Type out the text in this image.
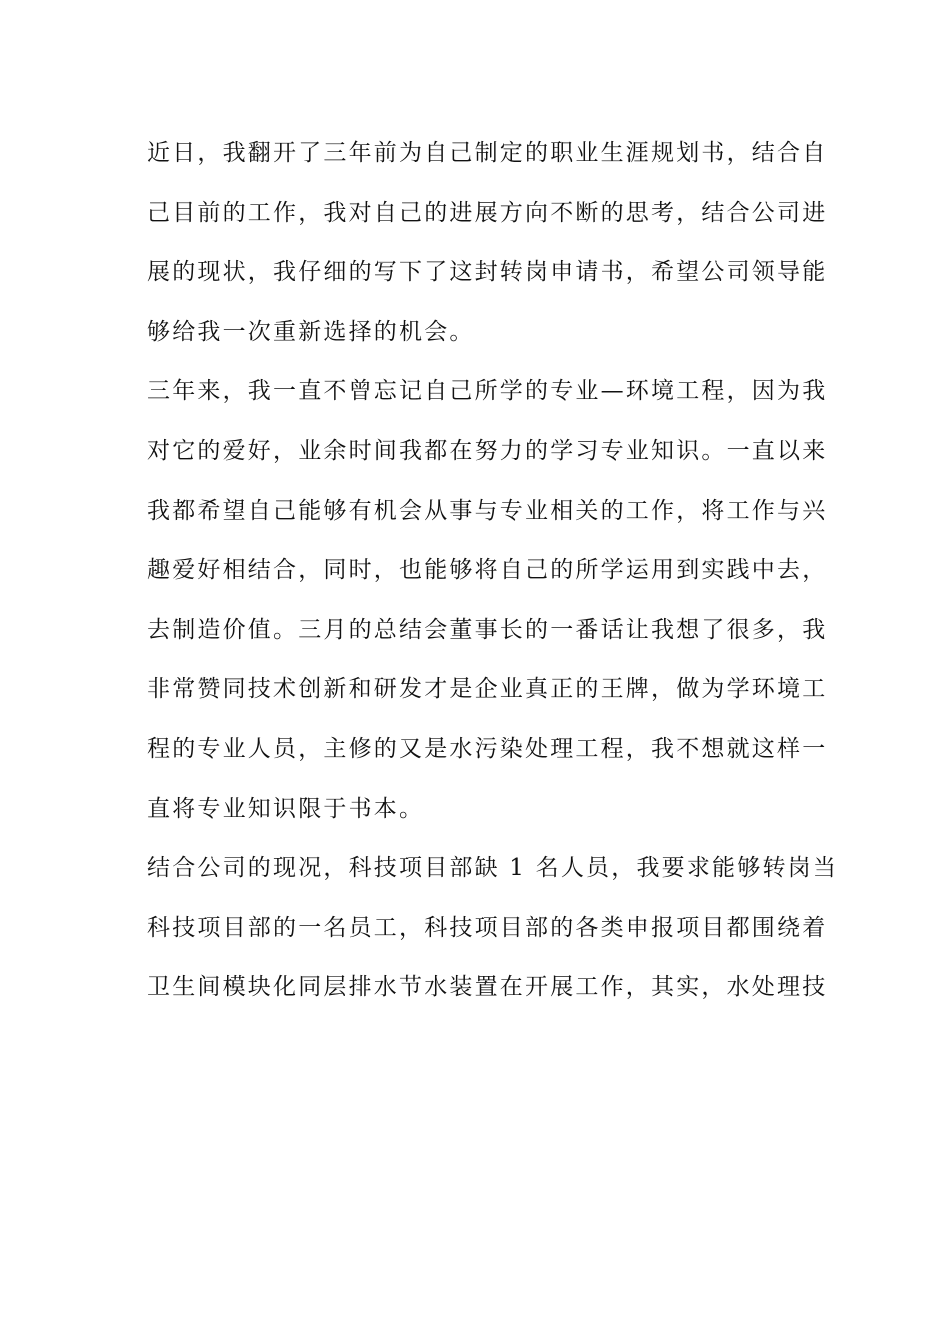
近日，我翻开了三年前为自己制定的职业生涯规划书，结合自
己目前的工作，我对自己的进展方向不断的思考，结合公司进
展的现状，我仔细的写下了这封转岗申请书，希望公司领导能
够给我一次重新选择的机会。
三年来，我一直不曾忘记自己所学的专业—环境工程，因为我
对它的爱好，业余时间我都在努力的学习专业知识。一直以来
我都希望自己能够有机会从事与专业相关的工作，将工作与兴
趣爱好相结合，同时，也能够将自己的所学运用到实践中去，
去制造价值。三月的总结会董事长的一番话让我想了很多，我
非常赞同技术创新和研发才是企业真正的王牌，做为学环境工
程的专业人员，主修的又是水污染处理工程，我不想就这样一
直将专业知识限于书本。
结合公司的现况，科技项目部缺 1 名人员，我要求能够转岗当
科技项目部的一名员工，科技项目部的各类申报项目都围绕着
卫生间模块化同层排水节水装置在开展工作，其实，水处理技
